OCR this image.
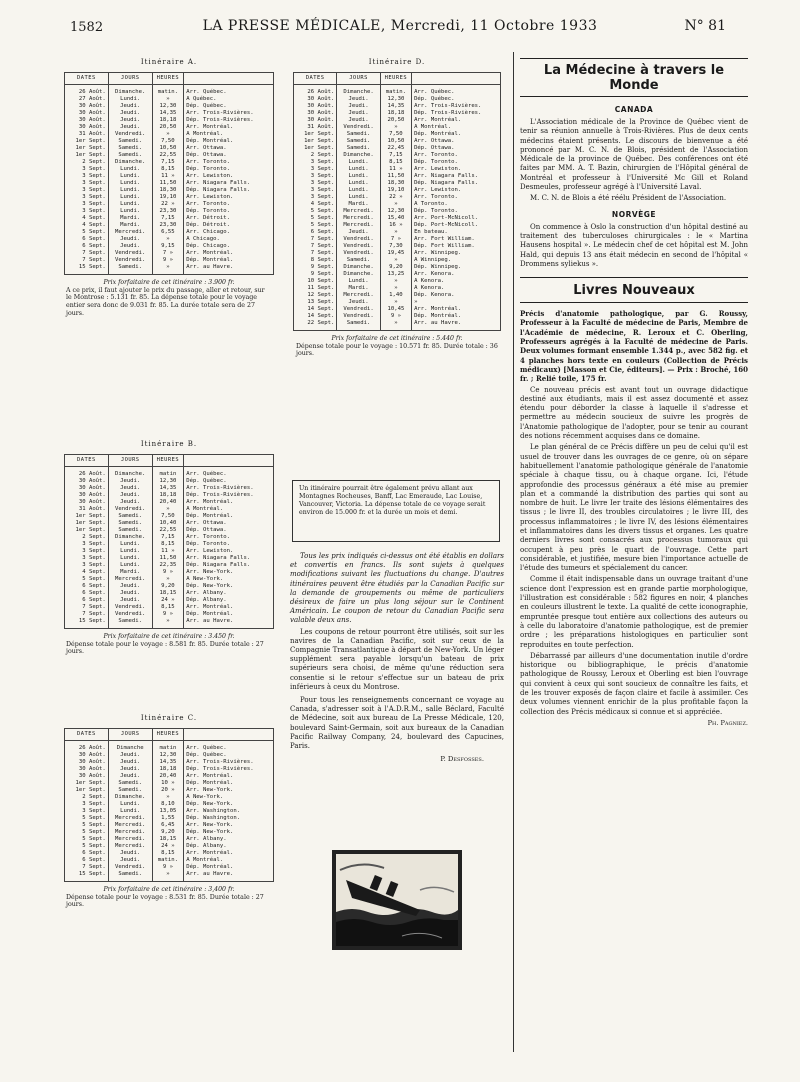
1582	LA PRESSE MÉDICALE, Mercredi, 11 Octobre 1933	N° 81
Itinéraire A.
DATES	JOURS	HEURES	

26 Août.	Dimanche.	matin.	Arr. Québec.
27 Août.	Lundi.	»	A Québec.
30 Août.	Jeudi.	12,30	Dép. Québec.
30 Août.	Jeudi.	14,35	Arr. Trois-Rivières.
30 Août.	Jeudi.	18,18	Dép. Trois-Rivières.
30 Août.	Jeudi.	20,50	Arr. Montréal.
31 Août.	Vendredi.	»	A Montréal.
1er Sept.	Samedi.	7,50	Dép. Montréal.
1er Sept.	Samedi.	10,50	Arr. Ottawa.
1er Sept.	Samedi.	22,55	Dép. Ottawa.
2 Sept.	Dimanche.	7,15	Arr. Toronto.
3 Sept.	Lundi.	8,15	Dép. Toronto.
3 Sept.	Lundi.	11 »	Arr. Lewiston.
3 Sept.	Lundi.	11,50	Arr. Niagara Falls.
3 Sept.	Lundi.	18,30	Dép. Niagara Falls.
3 Sept.	Lundi.	19,10	Arr. Lewiston.
3 Sept.	Lundi.	22 »	Arr. Toronto.
3 Sept.	Lundi.	23,30	Dép. Toronto.
4 Sept.	Mardi.	7,15	Arr. Détroit.
4 Sept.	Mardi.	23,30	Dép. Détroit.
5 Sept.	Mercredi.	6,55	Arr. Chicago.
6 Sept.	Jeudi.	»	A Chicago.
6 Sept.	Jeudi.	9,15	Dép. Chicago.
7 Sept.	Vendredi.	7 »	Arr. Montréal.
7 Sept.	Vendredi.	9 »	Dép. Montréal.
15 Sept.	Samedi.	»	Arr. au Havre.

Prix forfaitaire de cet itinéraire : 3.900 fr.
A ce prix, il faut ajouter le prix du passage, aller et retour, sur le Montrose : 5.131 fr. 85. La dépense totale pour le voyage entier sera donc de 9.031 fr. 85. La durée totale sera de 27 jours.
Itinéraire B.
DATES	JOURS	HEURES	

26 Août.	Dimanche.	matin	Arr. Québec.
30 Août.	Jeudi.	12,30	Dép. Québec.
30 Août.	Jeudi.	14,35	Arr. Trois-Rivières.
30 Août.	Jeudi.	18,18	Dép. Trois-Rivières.
30 Août.	Jeudi.	20,40	Arr. Montréal.
31 Août.	Vendredi.	»	A Montréal.
1er Sept.	Samedi.	7,50	Dép. Montréal.
1er Sept.	Samedi.	10,40	Arr. Ottawa.
1er Sept.	Samedi.	22,55	Dép. Ottawa.
2 Sept.	Dimanche.	7,15	Arr. Toronto.
3 Sept.	Lundi.	8,15	Dép. Toronto.
3 Sept.	Lundi.	11 »	Arr. Lewiston.
3 Sept.	Lundi.	11,50	Arr. Niagara Falls.
3 Sept.	Lundi.	22,35	Dép. Niagara Falls.
4 Sept.	Mardi.	9 »	Arr. New-York.
5 Sept.	Mercredi.	»	A New-York.
6 Sept.	Jeudi.	9,20	Dép. New-York.
6 Sept.	Jeudi.	18,15	Arr. Albany.
6 Sept.	Jeudi.	24 »	Dép. Albany.
7 Sept.	Vendredi.	8,15	Arr. Montréal.
7 Sept.	Vendredi.	9 »	Dép. Montréal.
15 Sept.	Samedi.	»	Arr. au Havre.

Prix forfaitaire de cet itinéraire : 3.450 fr.
Dépense totale pour le voyage : 8.581 fr. 85. Durée totale : 27 jours.
Itinéraire C.
DATES	JOURS	HEURES	

26 Août.	Dimanche	matin	Arr. Québec.
30 Août.	Jeudi.	12,30	Dép. Québec.
30 Août.	Jeudi.	14,35	Arr. Trois-Rivières.
30 Août.	Jeudi.	18,18	Dép. Trois-Rivières.
30 Août.	Jeudi.	20,40	Arr. Montréal.
1er Sept.	Samedi.	10 »	Dép. Montréal.
1er Sept.	Samedi.	20 »	Arr. New-York.
2 Sept.	Dimanche.	»	A New-York.
3 Sept.	Lundi.	8,10	Dép. New-York.
3 Sept.	Lundi.	13,05	Arr. Washington.
5 Sept.	Mercredi.	1,55	Dép. Washington.
5 Sept.	Mercredi.	6,45	Arr. New-York.
5 Sept.	Mercredi.	9,20	Dép. New-York.
5 Sept.	Mercredi.	18,15	Arr. Albany.
5 Sept.	Mercredi.	24 »	Dép. Albany.
6 Sept.	Jeudi.	8,15	Arr. Montréal.
6 Sept.	Jeudi.	matin.	A Montréal.
7 Sept.	Vendredi.	9 »	Dép. Montréal.
15 Sept.	Samedi.	»	Arr. au Havre.

Prix forfaitaire de cet itinéraire : 3,400 fr.
Dépense totale pour le voyage : 8.531 fr. 85. Durée totale : 27 jours.
Itinéraire D.
DATES	JOURS	HEURES	

26 Août.	Dimanche.	matin.	Arr. Québec.
30 Août.	Jeudi.	12,30	Dép. Québec.
30 Août.	Jeudi.	14,35	Arr. Trois-Rivières.
30 Août.	Jeudi.	18,18	Dép. Trois-Rivières.
30 Août.	Jeudi.	20,50	Arr. Montréal.
31 Août.	Vendredi.	»	A Montréal.
1er Sept.	Samedi.	7,50	Dép. Montréal.
1er Sept.	Samedi.	10,50	Arr. Ottawa.
1er Sept.	Samedi.	22,45	Dép. Ottawa.
2 Sept.	Dimanche.	7,15	Arr. Toronto.
3 Sept.	Lundi.	8,15	Dép. Toronto.
3 Sept.	Lundi.	11 »	Arr. Lewiston.
3 Sept.	Lundi.	11,50	Arr. Niagara Falls.
3 Sept.	Lundi.	18,30	Dép. Niagara Falls.
3 Sept.	Lundi.	19,10	Arr. Lewiston.
3 Sept.	Lundi.	22 »	Arr. Toronto.
4 Sept.	Mardi.	»	A Toronto.
5 Sept.	Mercredi.	12,30	Dép. Toronto.
5 Sept.	Mercredi.	15,40	Arr. Port-McNicoll.
5 Sept.	Mercredi.	16 »	Dép. Port-McNicoll.
6 Sept.	Jeudi.	»	En bateau.
7 Sept.	Vendredi.	7 »	Arr. Fort William.
7 Sept.	Vendredi.	7,30	Dép. Fort William.
7 Sept.	Vendredi.	19,45	Arr. Winnipeg.
8 Sept.	Samedi.	»	A Winnipeg.
9 Sept.	Dimanche.	9,20	Dép. Winnipeg.
9 Sept.	Dimanche.	13,25	Arr. Kenora.
10 Sept.	Lundi.	»	A Kenora.
11 Sept.	Mardi.	»	A Kenora.
12 Sept.	Mercredi.	1,40	Dép. Kenora.
13 Sept.	Jeudi.	»	»
14 Sept.	Vendredi.	10,45	Arr. Montréal.
14 Sept.	Vendredi.	9 »	Dép. Montréal.
22 Sept.	Samedi.	»	Arr. au Havre.

Prix forfaitaire de cet itinéraire : 5.440 fr.
Dépense totale pour le voyage : 10.571 fr. 85. Durée totale : 36 jours.
Un itinéraire pourrait être également prévu allant aux Montagnes Rocheuses, Banff, Lac Emeraude, Lac Louise, Vancouver, Victoria. La dépense totale de ce voyage serait environ de 15.000 fr. et la durée un mois et demi.

Tous les prix indiqués ci-dessus ont été établis en dollars et convertis en francs. Ils sont sujets à quelques modifications suivant les fluctuations du change. D'autres itinéraires peuvent être étudiés par la Canadian Pacific sur la demande de groupements ou même de particuliers désireux de faire un plus long séjour sur le Continent Américain. Le coupon de retour du Canadian Pacific sera valable deux ans.

Les coupons de retour pourront être utilisés, soit sur les navires de la Canadian Pacific, soit sur ceux de la Compagnie Transatlantique à départ de New-York. Un léger supplément sera payable lorsqu'un bateau de prix supérieurs sera choisi, de même qu'une réduction sera consentie si le retour s'effectue sur un bateau de prix inférieurs à ceux du Montrose.

Pour tous les renseignements concernant ce voyage au Canada, s'adresser soit à l'A.D.R.M., salle Béclard, Faculté de Médecine, soit aux bureau de La Presse Médicale, 120, boulevard Saint-Germain, soit aux bureaux de la Canadian Pacific Railway Company, 24, boulevard des Capucines, Paris.

P. Desfosses.
La Médecine à travers le Monde
CANADA

L'Association médicale de la Province de Québec vient de tenir sa réunion annuelle à Trois-Rivières. Plus de deux cents médecins étaient présents. Le discours de bienvenue a été prononcé par M. C. N. de Blois, président de l'Association Médicale de la province de Québec. Des conférences ont été faites par MM. A. T. Bazin, chirurgien de l'Hôpital général de Montréal et professeur à l'Université Mc Gill et Roland Desmeules, professeur agrégé à l'Université Laval.

M. C. N. de Blois a été réélu Président de l'Association.

NORVÈGE

On commence à Oslo la construction d'un hôpital destiné au traitement des tuberculoses chirurgicales : le « Martina Hausens hospital ». Le médecin chef de cet hôpital est M. John Hald, qui depuis 13 ans était médecin en second de l'hôpital « Drommens syliekus ».

Livres Nouveaux

Précis d'anatomie pathologique, par G. Roussy, Professeur à la Faculté de médecine de Paris, Membre de l'Académie de médecine, R. Leroux et C. Oberling, Professeurs agrégés à la Faculté de médecine de Paris. Deux volumes formant ensemble 1.344 p., avec 582 fig. et 4 planches hors texte en couleurs (Collection de Précis médicaux) [Masson et Cie, éditeurs]. — Prix : Broché, 160 fr. ; Relié toile, 175 fr.

Ce nouveau précis est avant tout un ouvrage didactique destiné aux étudiants, mais il est assez documenté et assez étendu pour déborder la classe à laquelle il s'adresse et permettre au médecin soucieux de suivre les progrès de l'Anatomie pathologique de l'adopter, pour se tenir au courant des notions récemment acquises dans ce domaine.

Le plan général de ce Précis diffère un peu de celui qu'il est usuel de trouver dans les ouvrages de ce genre, où on sépare habituellement l'anatomie pathologique générale de l'anatomie spéciale à chaque tissu, ou à chaque organe. Ici, l'étude approfondie des processus généraux a été mise au premier plan et a commandé la distribution des parties qui sont au nombre de huit. Le livre Ier traite des lésions élémentaires des tissus ; le livre II, des troubles circulatoires ; le livre III, des processus inflammatoires ; le livre IV, des lésions élémentaires et inflammatoires dans les divers tissus et organes. Les quatre derniers livres sont consacrés aux processus tumoraux qui occupent à peu près le quart de l'ouvrage. Cette part considérable, et justifiée, mesure bien l'importance actuelle de l'étude des tumeurs et spécialement du cancer.

Comme il était indispensable dans un ouvrage traitant d'une science dont l'expression est en grande partie morphologique, l'illustration est considérable : 582 figures en noir, 4 planches en couleurs illustrent le texte. La qualité de cette iconographie, empruntée presque tout entière aux collections des auteurs ou à celle du laboratoire d'anatomie pathologique, est de premier ordre ; les préparations histologiques en particulier sont reproduites en toute perfection.

Débarrassé par ailleurs d'une documentation inutile d'ordre historique ou bibliographique, le précis d'anatomie pathologique de Roussy, Leroux et Oberling est bien l'ouvrage qui convient à ceux qui sont soucieux de connaître les faits, et de les trouver exposés de façon claire et facile à assimiler. Ces deux volumes viennent enrichir de la plus profitable façon la collection des Précis médicaux si connue et si appréciée.

Ph. Pagniez.
